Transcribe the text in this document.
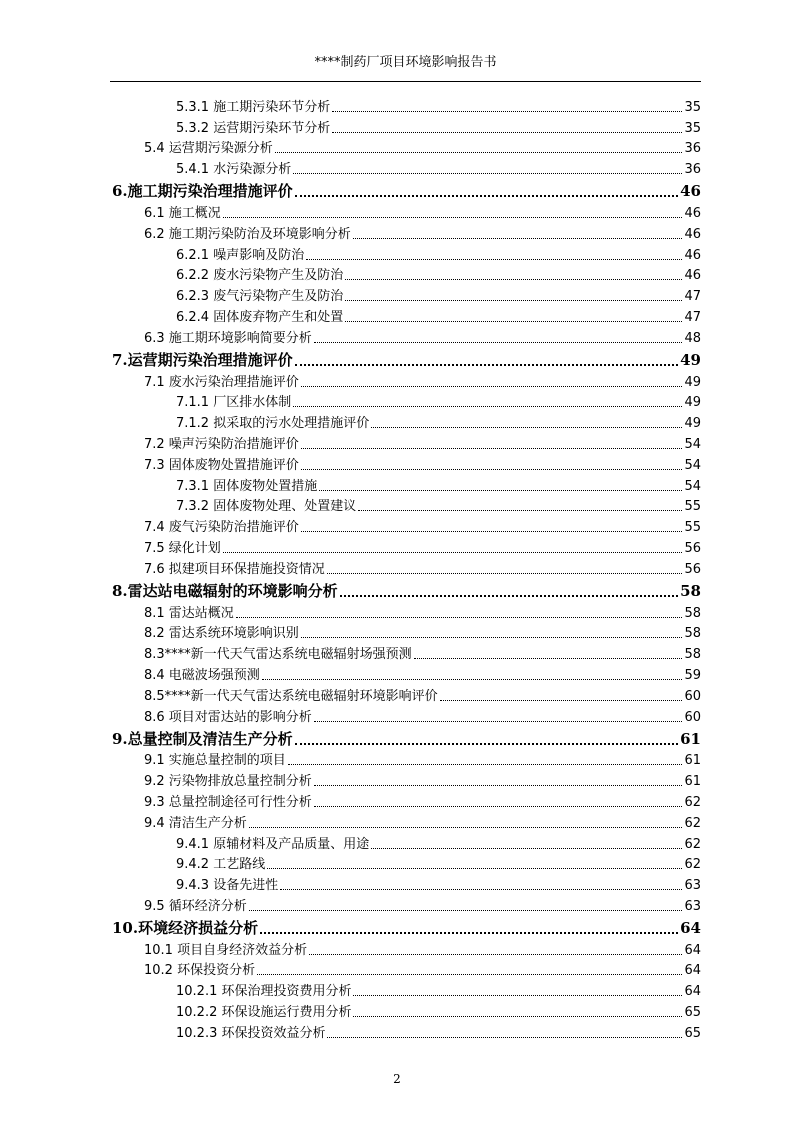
****制药厂项目环境影响报告书
5.3.1 施工期污染环节分析	35
5.3.2 运营期污染环节分析	35
5.4 运营期污染源分析	36
5.4.1 水污染源分析	36
6.施工期污染治理措施评价	46
6.1 施工概况	46
6.2 施工期污染防治及环境影响分析	46
6.2.1 噪声影响及防治	46
6.2.2 废水污染物产生及防治	46
6.2.3 废气污染物产生及防治	47
6.2.4 固体废弃物产生和处置	47
6.3 施工期环境影响简要分析	48
7.运营期污染治理措施评价	49
7.1 废水污染治理措施评价	49
7.1.1 厂区排水体制	49
7.1.2 拟采取的污水处理措施评价	49
7.2 噪声污染防治措施评价	54
7.3 固体废物处置措施评价	54
7.3.1 固体废物处置措施	54
7.3.2 固体废物处理、处置建议	55
7.4 废气污染防治措施评价	55
7.5 绿化计划	56
7.6 拟建项目环保措施投资情况	56
8.雷达站电磁辐射的环境影响分析	58
8.1 雷达站概况	58
8.2 雷达系统环境影响识别	58
8.3****新一代天气雷达系统电磁辐射场强预测	58
8.4 电磁波场强预测	59
8.5****新一代天气雷达系统电磁辐射环境影响评价	60
8.6 项目对雷达站的影响分析	60
9.总量控制及清洁生产分析	61
9.1 实施总量控制的项目	61
9.2 污染物排放总量控制分析	61
9.3 总量控制途径可行性分析	62
9.4 清洁生产分析	62
9.4.1 原辅材料及产品质量、用途	62
9.4.2 工艺路线	62
9.4.3 设备先进性	63
9.5 循环经济分析	63
10.环境经济损益分析	64
10.1 项目自身经济效益分析	64
10.2 环保投资分析	64
10.2.1 环保治理投资费用分析	64
10.2.2 环保设施运行费用分析	65
10.2.3 环保投资效益分析	65
2
